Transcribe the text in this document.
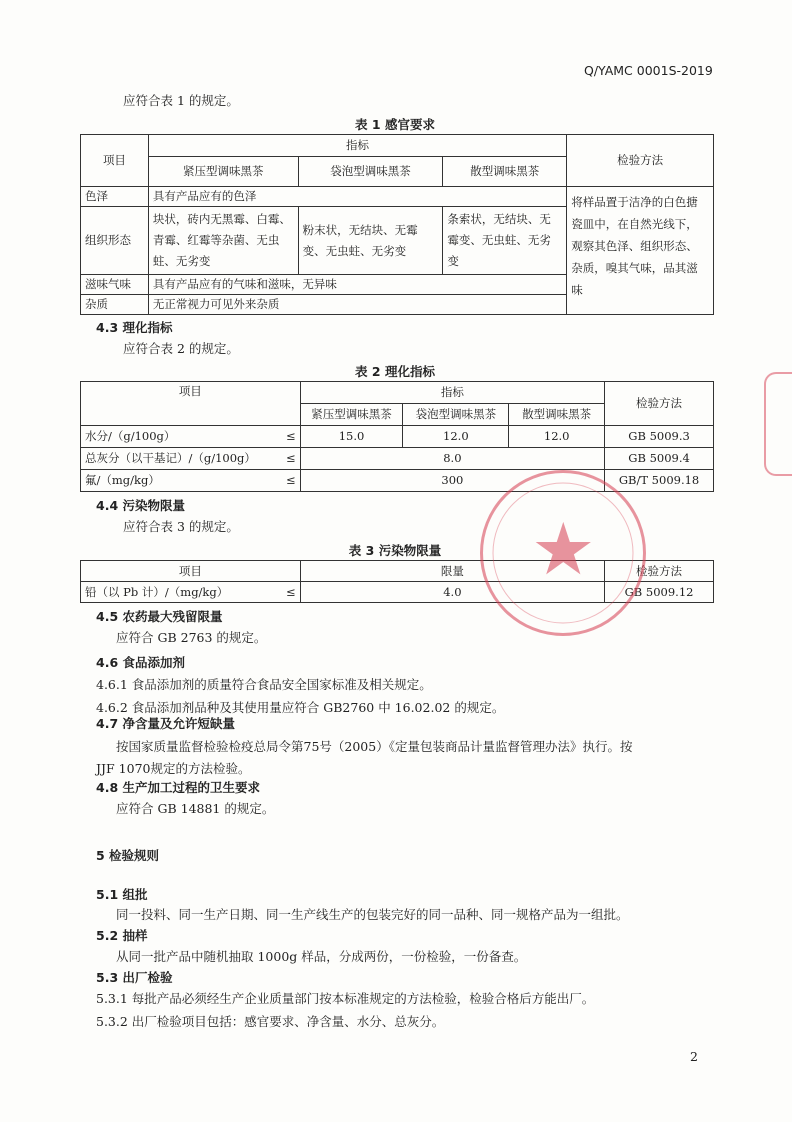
Q/YAMC 0001S-2019
应符合表 1 的规定。
表 1 感官要求
项目	指标			检验方法
	紧压型调味黑茶	袋泡型调味黑茶	散型调味黑茶	
色泽	具有产品应有的色泽			将样品置于洁净的白色搪瓷皿中，在自然光线下，观察其色泽、组织形态、杂质，嗅其气味，品其滋味
组织形态	块状，砖内无黑霉、白霉、青霉、红霉等杂菌、无虫蛀、无劣变	粉末状，无结块、无霉变、无虫蛀、无劣变	条索状，无结块、无霉变、无虫蛀、无劣变	
滋味气味	具有产品应有的气味和滋味，无异味			
杂质	无正常视力可见外来杂质			
4.3 理化指标
应符合表 2 的规定。
表 2 理化指标
项目	指标			检验方法
	紧压型调味黑茶	袋泡型调味黑茶	散型调味黑茶	
水分/（g/100g） ≤	15.0	12.0	12.0	GB 5009.3
总灰分（以干基记）/（g/100g） ≤	8.0			GB 5009.4
氟/（mg/kg） ≤	300			GB/T 5009.18
4.4 污染物限量
应符合表 3 的规定。
表 3 污染物限量
项目	限量	检验方法
铅（以 Pb 计）/（mg/kg） ≤	4.0	GB 5009.12
4.5 农药最大残留限量
应符合 GB 2763 的规定。
4.6 食品添加剂
4.6.1 食品添加剂的质量符合食品安全国家标准及相关规定。
4.6.2 食品添加剂品种及其使用量应符合 GB2760 中 16.02.02 的规定。
4.7 净含量及允许短缺量
按国家质量监督检验检疫总局令第75号（2005）《定量包装商品计量监督管理办法》执行。按
JJF 1070规定的方法检验。
4.8 生产加工过程的卫生要求
应符合 GB 14881 的规定。
5 检验规则
5.1 组批
同一投料、同一生产日期、同一生产线生产的包装完好的同一品种、同一规格产品为一组批。
5.2 抽样
从同一批产品中随机抽取 1000g 样品，分成两份，一份检验，一份备查。
5.3 出厂检验
5.3.1 每批产品必须经生产企业质量部门按本标准规定的方法检验，检验合格后方能出厂。
5.3.2 出厂检验项目包括：感官要求、净含量、水分、总灰分。
2
★
